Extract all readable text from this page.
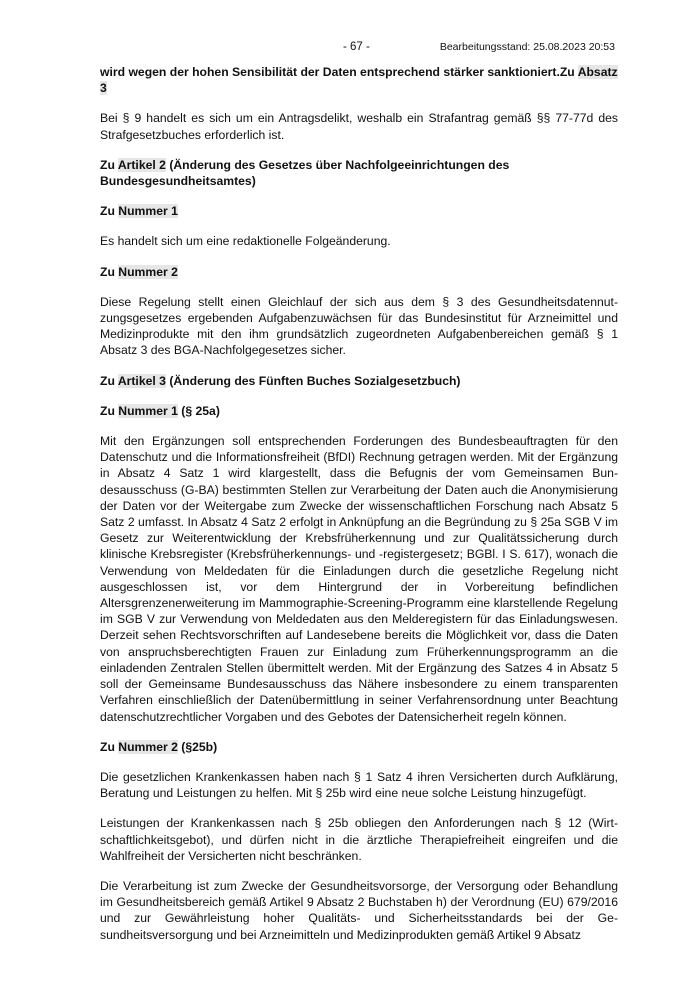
- 67 -	Bearbeitungsstand: 25.08.2023 20:53
wird wegen der hohen Sensibilität der Daten entsprechend stärker sanktioniert.Zu Absatz 3

Bei § 9 handelt es sich um ein Antragsdelikt, weshalb ein Strafantrag gemäß §§ 77-77d des Strafgesetzbuches erforderlich ist.

Zu Artikel 2 (Änderung des Gesetzes über Nachfolgeeinrichtungen des Bundesgesundheitsamtes)
Zu Nummer 1

Es handelt sich um eine redaktionelle Folgeänderung.

Zu Nummer 2

Diese Regelung stellt einen Gleichlauf der sich aus dem § 3 des Gesundheitsdatennutzungsgesetzes ergebenden Aufgabenzuwächsen für das Bundesinstitut für Arzneimittel und Medizinprodukte mit den ihm grundsätzlich zugeordneten Aufgabenbereichen gemäß § 1 Absatz 3 des BGA-Nachfolgegesetzes sicher.

Zu Artikel 3 (Änderung des Fünften Buches Sozialgesetzbuch)
Zu Nummer 1 (§ 25a)

Mit den Ergänzungen soll entsprechenden Forderungen des Bundesbeauftragten für den Datenschutz und die Informationsfreiheit (BfDI) Rechnung getragen werden. Mit der Ergänzung in Absatz 4 Satz 1 wird klargestellt, dass die Befugnis der vom Gemeinsamen Bundesausschuss (G-BA) bestimmten Stellen zur Verarbeitung der Daten auch die Anonymisierung der Daten vor der Weitergabe zum Zwecke der wissenschaftlichen Forschung nach Absatz 5 Satz 2 umfasst. In Absatz 4 Satz 2 erfolgt in Anknüpfung an die Begründung zu § 25a SGB V im Gesetz zur Weiterentwicklung der Krebsfrüherkennung und zur Qualitätssicherung durch klinische Krebsregister (Krebsfrüherkennungs- und -registergesetz; BGBl. I S. 617), wonach die Verwendung von Meldedaten für die Einladungen durch die gesetzliche Regelung nicht ausgeschlossen ist, vor dem Hintergrund der in Vorbereitung befindlichen Altersgrenzenerweiterung im Mammographie-Screening-Programm eine klarstellende Regelung im SGB V zur Verwendung von Meldedaten aus den Melderegistern für das Einladungswesen. Derzeit sehen Rechtsvorschriften auf Landesebene bereits die Möglichkeit vor, dass die Daten von anspruchsberechtigten Frauen zur Einladung zum Früherkennungsprogramm an die einladenden Zentralen Stellen übermittelt werden. Mit der Ergänzung des Satzes 4 in Absatz 5 soll der Gemeinsame Bundesausschuss das Nähere insbesondere zu einem transparenten Verfahren einschließlich der Datenübermittlung in seiner Verfahrensordnung unter Beachtung datenschutzrechtlicher Vorgaben und des Gebotes der Datensicherheit regeln können.

Zu Nummer 2 (§25b)

Die gesetzlichen Krankenkassen haben nach § 1 Satz 4 ihren Versicherten durch Aufklärung, Beratung und Leistungen zu helfen. Mit § 25b wird eine neue solche Leistung hinzugefügt.

Leistungen der Krankenkassen nach § 25b obliegen den Anforderungen nach § 12 (Wirtschaftlichkeitsgebot), und dürfen nicht in die ärztliche Therapiefreiheit eingreifen und die Wahlfreiheit der Versicherten nicht beschränken.

Die Verarbeitung ist zum Zwecke der Gesundheitsvorsorge, der Versorgung oder Behandlung im Gesundheitsbereich gemäß Artikel 9 Absatz 2 Buchstaben h) der Verordnung (EU) 679/2016 und zur Gewährleistung hoher Qualitäts- und Sicherheitsstandards bei der Gesundheitsversorgung und bei Arzneimitteln und Medizinprodukten gemäß Artikel 9 Absatz
